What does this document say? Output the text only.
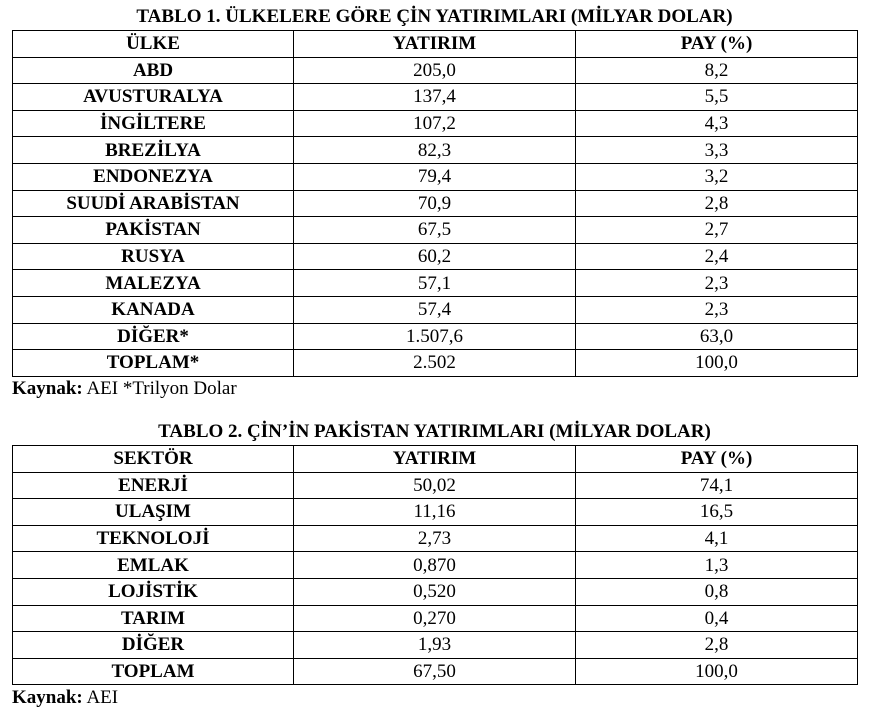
TABLO 1. ÜLKELERE GÖRE ÇİN YATIRIMLARI (MİLYAR DOLAR)
ÜLKE	YATIRIM	PAY (%)
ABD	205,0	8,2
AVUSTURALYA	137,4	5,5
İNGİLTERE	107,2	4,3
BREZİLYA	82,3	3,3
ENDONEZYA	79,4	3,2
SUUDİ ARABİSTAN	70,9	2,8
PAKİSTAN	67,5	2,7
RUSYA	60,2	2,4
MALEZYA	57,1	2,3
KANADA	57,4	2,3
DİĞER*	1.507,6	63,0
TOPLAM*	2.502	100,0
Kaynak: AEI *Trilyon Dolar
TABLO 2. ÇİN’İN PAKİSTAN YATIRIMLARI (MİLYAR DOLAR)
SEKTÖR	YATIRIM	PAY (%)
ENERJİ	50,02	74,1
ULAŞIM	11,16	16,5
TEKNOLOJİ	2,73	4,1
EMLAK	0,870	1,3
LOJİSTİK	0,520	0,8
TARIM	0,270	0,4
DİĞER	1,93	2,8
TOPLAM	67,50	100,0
Kaynak: AEI
